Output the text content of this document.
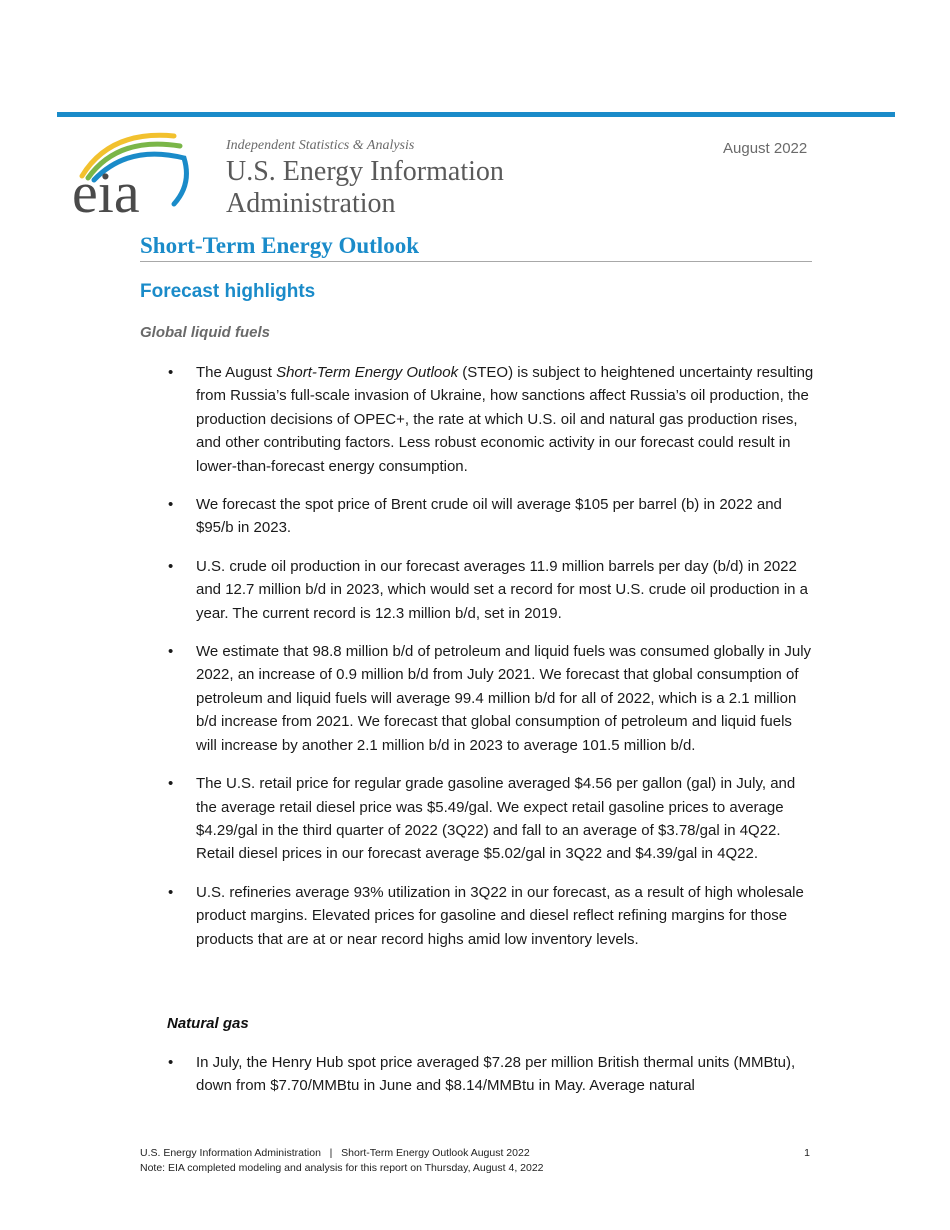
eia
Independent Statistics & Analysis
U.S. Energy Information
Administration
August 2022
Short-Term Energy Outlook
Forecast highlights
Global liquid fuels
• The August Short-Term Energy Outlook (STEO) is subject to heightened uncertainty resulting from Russia’s full-scale invasion of Ukraine, how sanctions affect Russia’s oil production, the production decisions of OPEC+, the rate at which U.S. oil and natural gas production rises, and other contributing factors. Less robust economic activity in our forecast could result in lower-than-forecast energy consumption.
• We forecast the spot price of Brent crude oil will average $105 per barrel (b) in 2022 and $95/b in 2023.
• U.S. crude oil production in our forecast averages 11.9 million barrels per day (b/d) in 2022 and 12.7 million b/d in 2023, which would set a record for most U.S. crude oil production in a year. The current record is 12.3 million b/d, set in 2019.
• We estimate that 98.8 million b/d of petroleum and liquid fuels was consumed globally in July 2022, an increase of 0.9 million b/d from July 2021. We forecast that global consumption of petroleum and liquid fuels will average 99.4 million b/d for all of 2022, which is a 2.1 million b/d increase from 2021. We forecast that global consumption of petroleum and liquid fuels will increase by another 2.1 million b/d in 2023 to average 101.5 million b/d.
• The U.S. retail price for regular grade gasoline averaged $4.56 per gallon (gal) in July, and the average retail diesel price was $5.49/gal. We expect retail gasoline prices to average $4.29/gal in the third quarter of 2022 (3Q22) and fall to an average of $3.78/gal in 4Q22. Retail diesel prices in our forecast average $5.02/gal in 3Q22 and $4.39/gal in 4Q22.
• U.S. refineries average 93% utilization in 3Q22 in our forecast, as a result of high wholesale product margins. Elevated prices for gasoline and diesel reflect refining margins for those products that are at or near record highs amid low inventory levels.
Natural gas
• In July, the Henry Hub spot price averaged $7.28 per million British thermal units (MMBtu), down from $7.70/MMBtu in June and $8.14/MMBtu in May. Average natural
U.S. Energy Information Administration   |   Short-Term Energy Outlook August 2022
Note: EIA completed modeling and analysis for this report on Thursday, August 4, 2022
1
